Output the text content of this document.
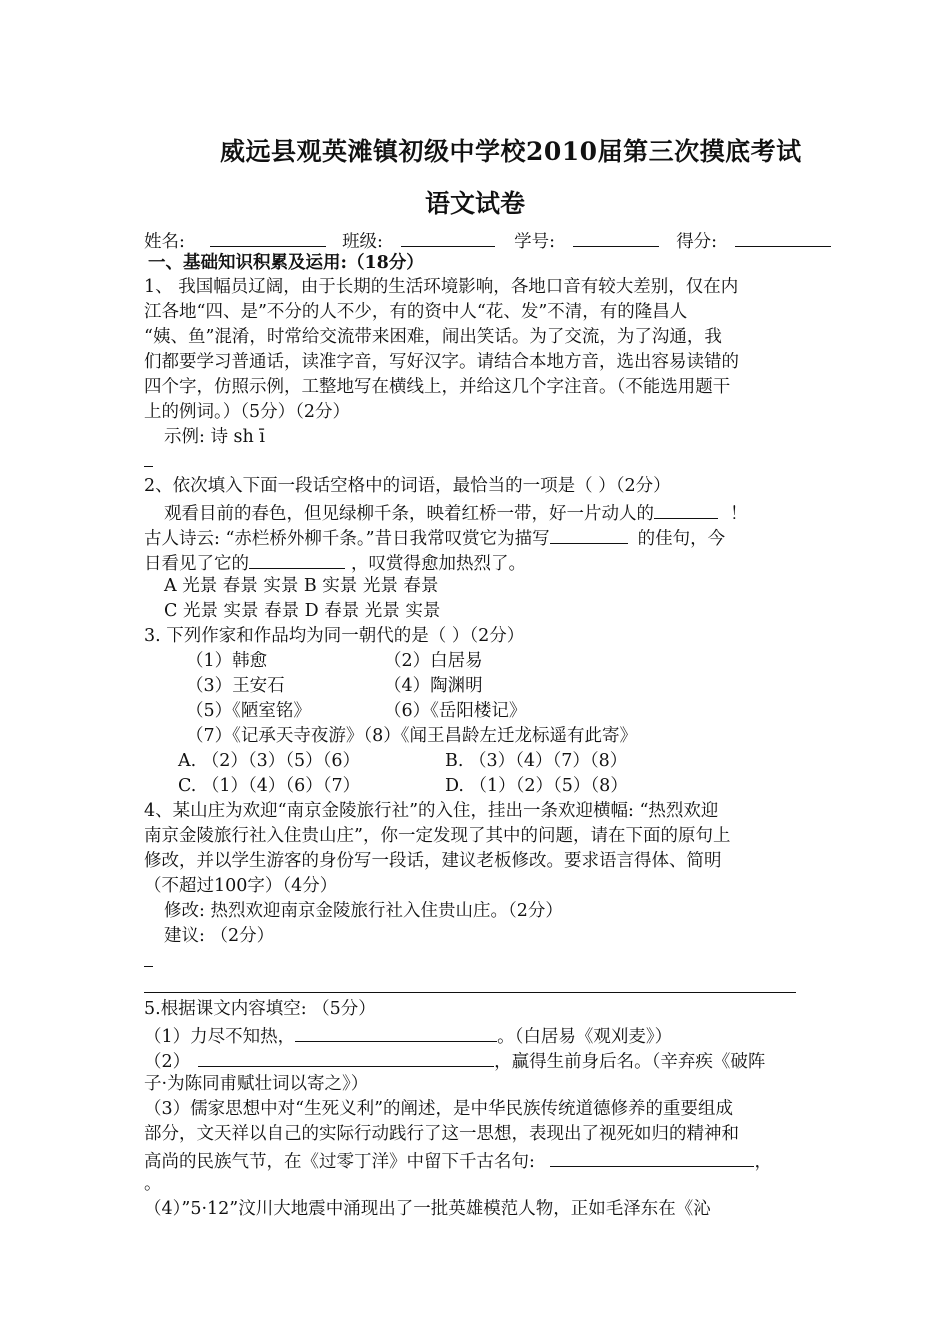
威远县观英滩镇初级中学校2010届第三次摸底考试
语文试卷
姓名:	班级:	学号:	得分:
一、基础知识积累及运用:（18分）
1、 我国幅员辽阔，由于长期的生活环境影响，各地口音有较大差别，仅在内
江各地“四、是”不分的人不少，有的资中人“花、发”不清，有的隆昌人
“姨、鱼”混淆，时常给交流带来困难，闹出笑话。为了交流，为了沟通，我
们都要学习普通话，读准字音，写好汉字。请结合本地方音，选出容易读错的
四个字，仿照示例，工整地写在横线上，并给这几个字注音。（不能选用题干
上的例词。）（5分）（2分）
示例: 诗 sh ī
2、依次填入下面一段话空格中的词语，最恰当的一项是（ ）（2分）
观看目前的春色，但见绿柳千条，映着红桥一带，好一片动人的	！
古人诗云: “赤栏桥外柳千条。”昔日我常叹赏它为描写	的佳句，今
日看见了它的	，叹赏得愈加热烈了。
A 光景 春景 实景 B 实景 光景 春景
C 光景 实景 春景 D 春景 光景 实景
3. 下列作家和作品均为同一朝代的是（ ）（2分）
（1）韩愈	（2）白居易
（3）王安石	（4）陶渊明
（5）《陋室铭》	（6）《岳阳楼记》
（7）《记承天寺夜游》（8）《闻王昌龄左迁龙标遥有此寄》
A. （2）（3）（5）（6）	B. （3）（4）（7）（8）
C. （1）（4）（6）（7）	D. （1）（2）（5）（8）
4、某山庄为欢迎“南京金陵旅行社”的入住，挂出一条欢迎横幅: “热烈欢迎
南京金陵旅行社入住贵山庄”，你一定发现了其中的问题，请在下面的原句上
修改，并以学生游客的身份写一段话，建议老板修改。要求语言得体、简明
（不超过100字）（4分）
修改: 热烈欢迎南京金陵旅行社入住贵山庄。（2分）
建议: （2分）
5.根据课文内容填空: （5分）
（1）力尽不知热，	。（白居易《观刈麦》）
（2）	，赢得生前身后名。（辛弃疾《破阵
子·为陈同甫赋壮词以寄之》）
（3）儒家思想中对“生死义利”的阐述，是中华民族传统道德修养的重要组成
部分，文天祥以自己的实际行动践行了这一思想，表现出了视死如归的精神和
高尚的民族气节，在《过零丁洋》中留下千古名句:	，
。
（4）”5·12”汶川大地震中涌现出了一批英雄模范人物，正如毛泽东在《沁
